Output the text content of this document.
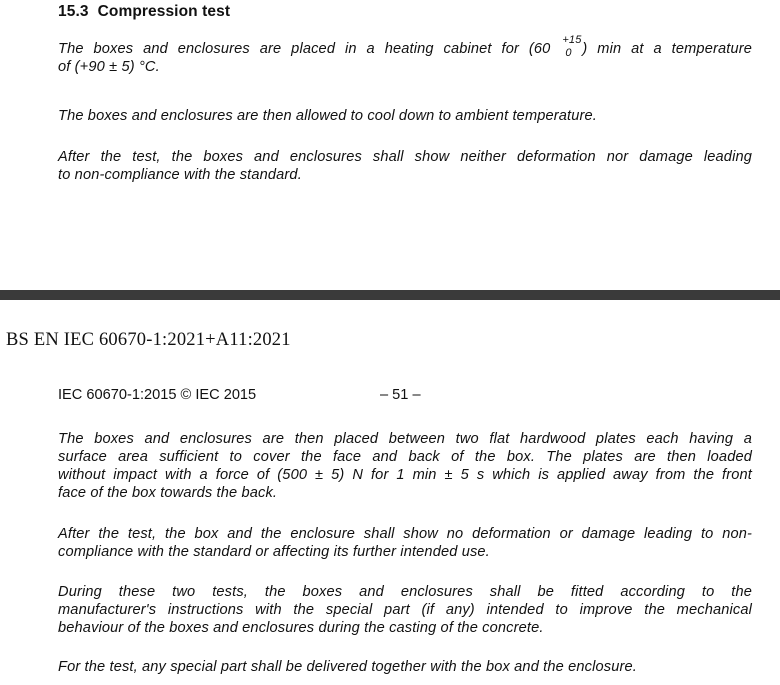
15.3 Compression test
The boxes and enclosures are placed in a heating cabinet for (60
+15
0 ) min at a temperature
of (+90 ± 5) °C.
The boxes and enclosures are then allowed to cool down to ambient temperature.
After the test, the boxes and enclosures shall show neither deformation nor damage leading
to non-compliance with the standard.
BS EN IEC 60670-1:2021+A11:2021
IEC 60670-1:2015 © IEC 2015	– 51 –
The boxes and enclosures are then placed between two flat hardwood plates each having a
surface area sufficient to cover the face and back of the box. The plates are then loaded
without impact with a force of (500 ± 5) N for 1 min ± 5 s which is applied away from the front
face of the box towards the back.
After the test, the box and the enclosure shall show no deformation or damage leading to non-
compliance with the standard or affecting its further intended use.
During these two tests, the boxes and enclosures shall be fitted according to the
manufacturer's instructions with the special part (if any) intended to improve the mechanical
behaviour of the boxes and enclosures during the casting of the concrete.
For the test, any special part shall be delivered together with the box and the enclosure.
